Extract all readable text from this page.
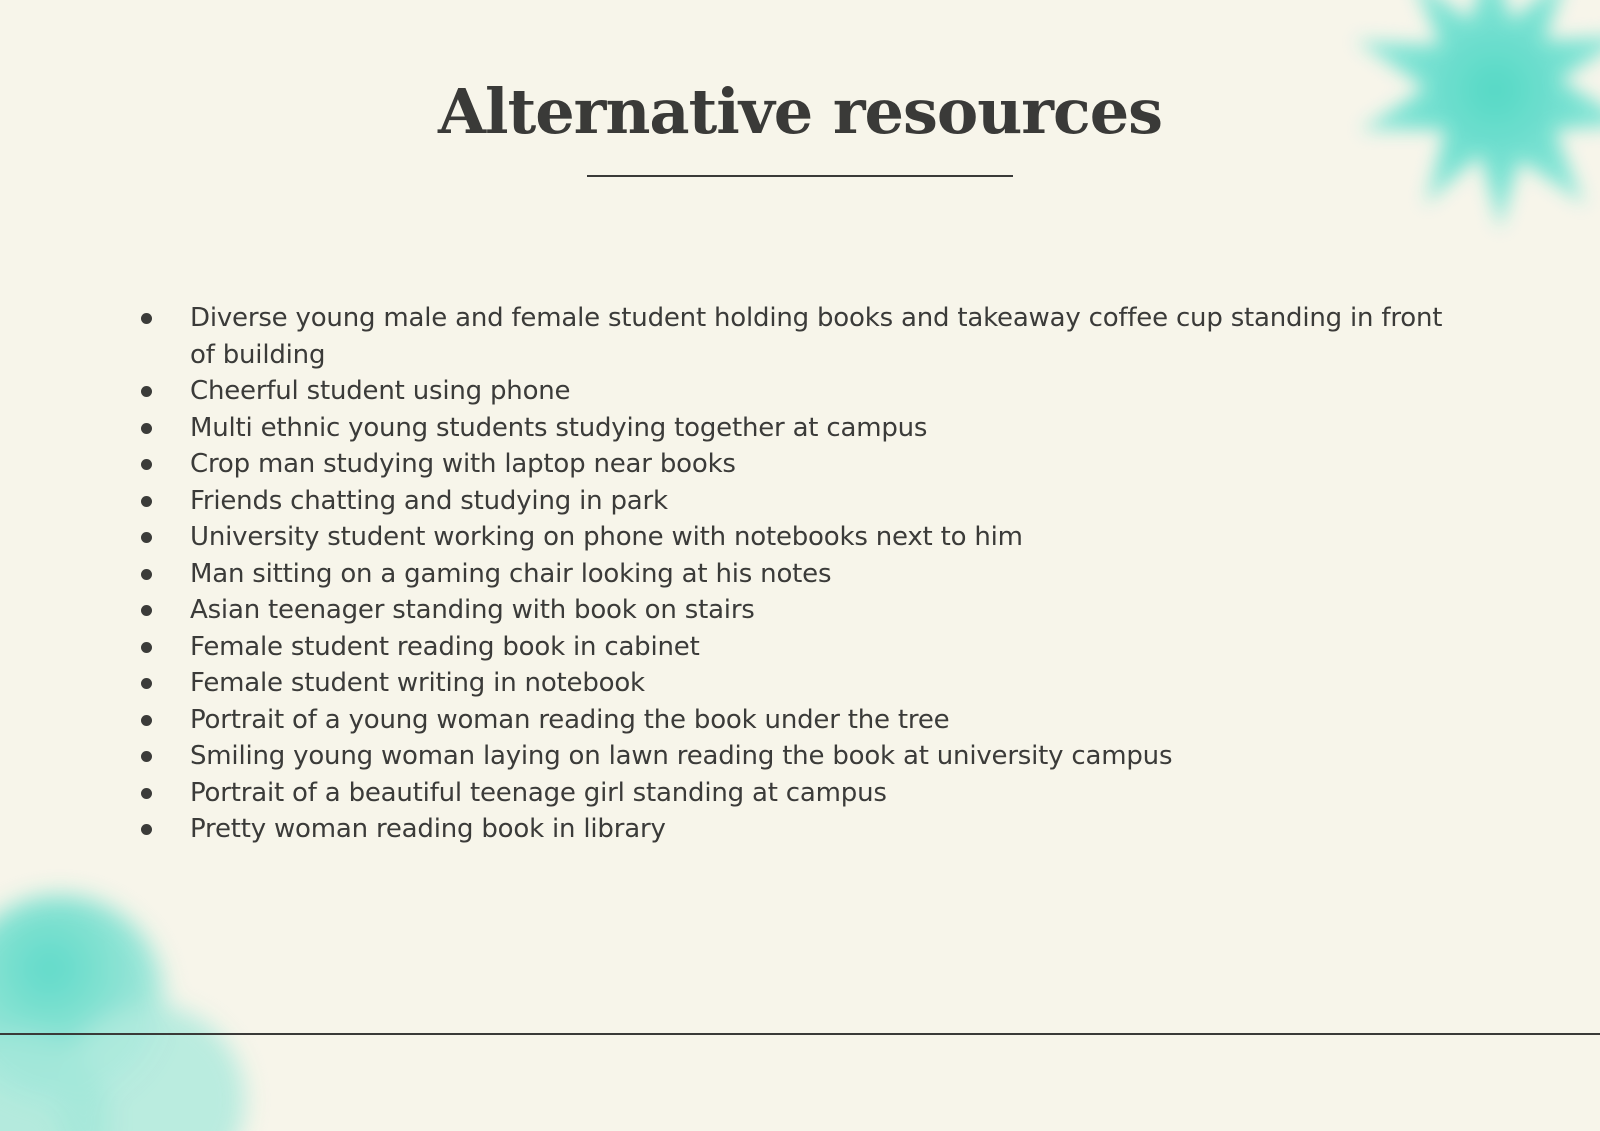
Alternative resources
Diverse young male and female student holding books and takeaway coffee cup standing in front of building
Cheerful student using phone
Multi ethnic young students studying together at campus
Crop man studying with laptop near books
Friends chatting and studying in park
University student working on phone with notebooks next to him
Man sitting on a gaming chair looking at his notes
Asian teenager standing with book on stairs
Female student reading book in cabinet
Female student writing in notebook
Portrait of a young woman reading the book under the tree
Smiling young woman laying on lawn reading the book at university campus
Portrait of a beautiful teenage girl standing at campus
Pretty woman reading book in library
